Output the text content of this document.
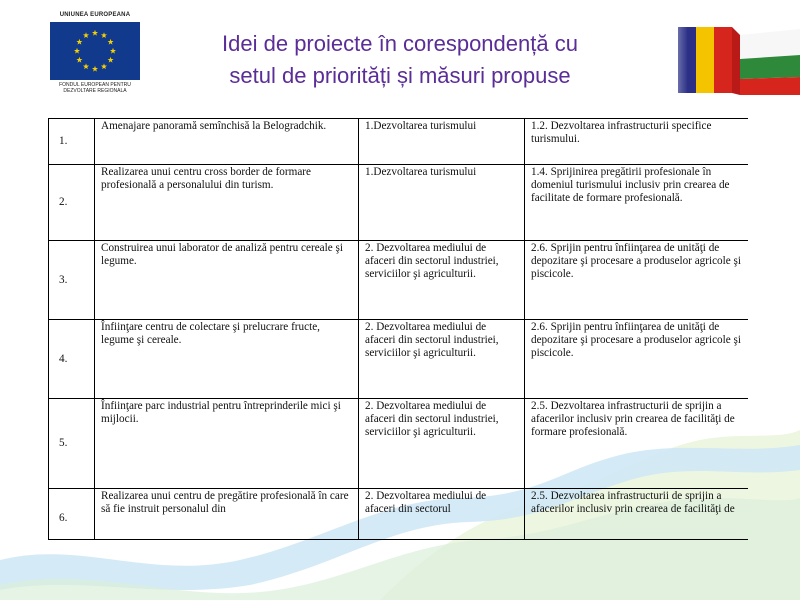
UNIUNEA EUROPEANA
FONDUL EUROPEAN PENTRU
DEZVOLTARE REGIONALA
Idei de proiecte în corespondență cu
setul de priorități și măsuri propuse
1.	Amenajare panoramă semînchisă la Belogradchik.	1.Dezvoltarea turismului	1.2. Dezvoltarea infrastructurii specifice turismului.
2.	Realizarea unui centru cross border de formare profesională a personalului din turism.	1.Dezvoltarea turismului	1.4. Sprijinirea pregătirii profesionale în domeniul turismului inclusiv prin crearea de facilitate de formare profesională.
3.	Construirea unui laborator de analiză pentru cereale şi legume.	2. Dezvoltarea mediului de afaceri din sectorul industriei, serviciilor şi agriculturii.	2.6. Sprijin pentru înfiinţarea de unităţi de depozitare şi procesare a produselor agricole şi piscicole.
4.	Înfiinţare centru de colectare şi prelucrare fructe, legume şi cereale.	2. Dezvoltarea mediului de afaceri din sectorul industriei, serviciilor şi agriculturii.	2.6. Sprijin pentru înfiinţarea de unităţi de depozitare şi procesare a produselor agricole şi piscicole.
5.	Înfiinţare parc industrial pentru întreprinderile mici şi mijlocii.	2. Dezvoltarea mediului de afaceri din sectorul industriei, serviciilor şi agriculturii.	2.5. Dezvoltarea infrastructurii de sprijin a afacerilor inclusiv prin crearea de facilităţi de formare profesională.
6.	Realizarea unui centru de pregătire profesională în care să fie instruit personalul din	2. Dezvoltarea mediului de afaceri din sectorul	2.5. Dezvoltarea infrastructurii de sprijin a afacerilor inclusiv prin crearea de facilităţi de
